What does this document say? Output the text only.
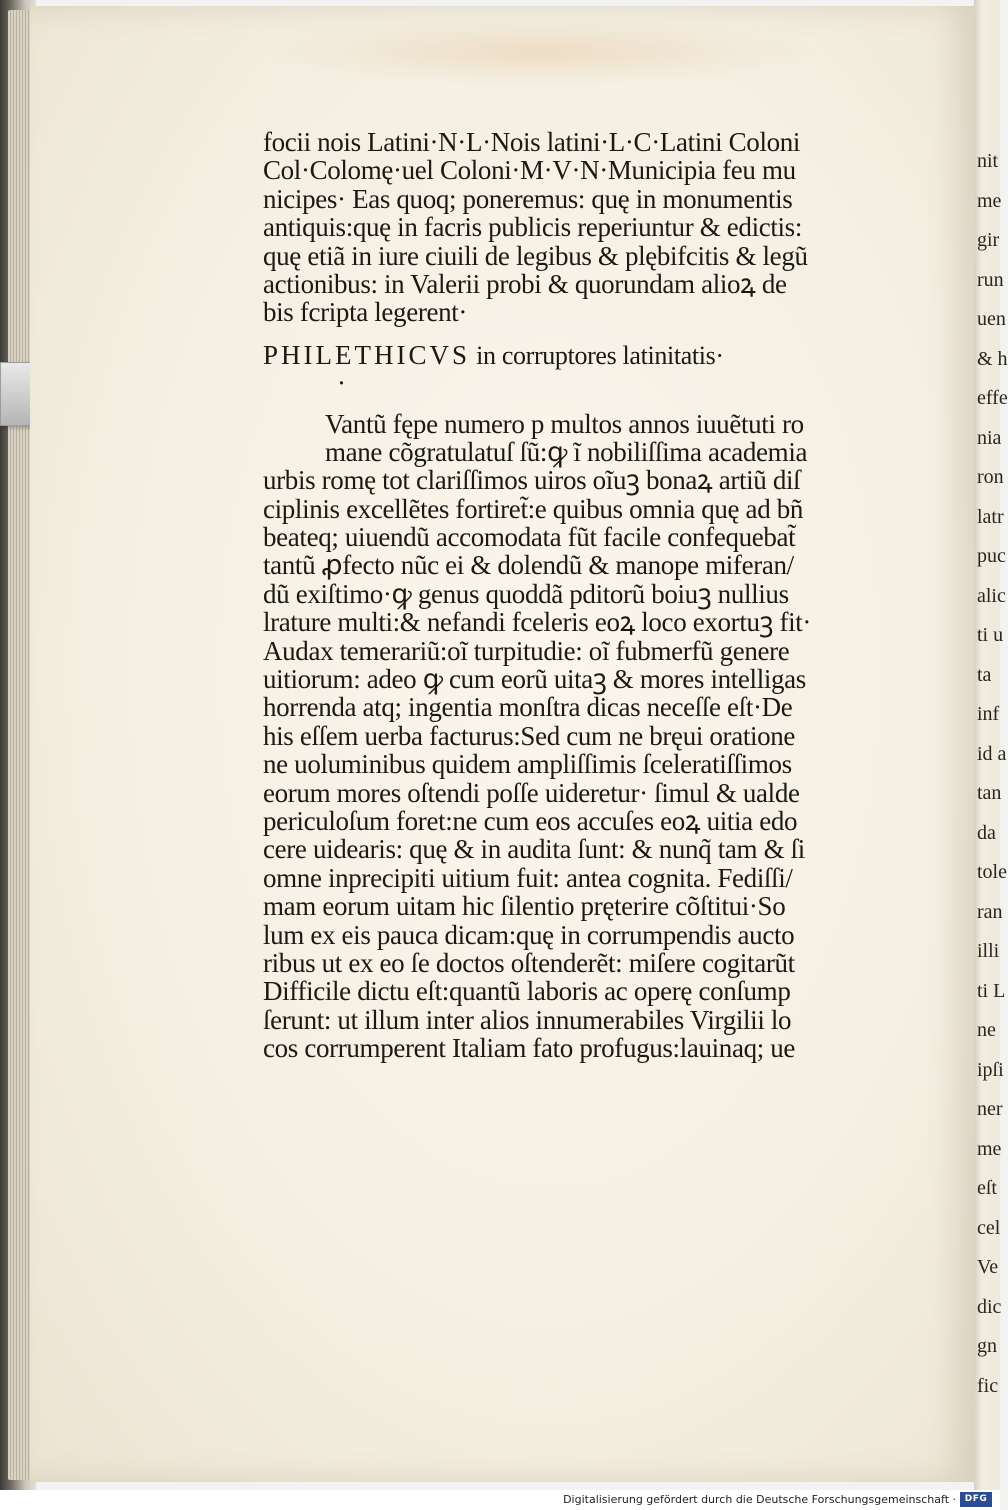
nit
me
gir
run
uen
& h
effe
nia
ron
latr
puc
alic
ti u
ta
inf
id a
tan
da
tole
ran
illi
ti L
ne
ipſi
ner
me
eſt
cel
Ve
dic
gn
fic
focii nois Latini·N·L·Nois latini·L·C·Latini Coloni
Col·Colomę·uel Coloni·M·V·N·Municipia feu mu
nicipes· Eas quoq; poneremus: quę in monumentis
antiquis:quę in facris publicis reperiuntur & edictis:
quę etiã in iure ciuili de legibus & plębifcitis & legũ
actionibus: in Valerii probi & quorundam alioꝝ de
bis fcripta legerent·
PHILETHICVS in corruptores latinitatis·
·
Vantũ fępe numero p multos annos iuuẽtuti ro
mane cõgratulatuſ ſũ:ꝙ ĩ nobiliſſima academia
urbis romę tot clariſſimos uiros oĩuꝫ bonaꝝ artiũ diſ
ciplinis excellẽtes fortiret̃:e quibus omnia quę ad bñ
beateq; uiuendũ accomodata fũt facile confequebat̃
tantũ ꝓfecto nũc ei & dolendũ & manope miferan/
dũ exiſtimo·ꝙ genus quoddã pditorũ boiuꝫ nullius
lrature multi:& nefandi fceleris eoꝝ loco exortuꝫ fit·
Audax temerariũ:oĩ turpitudie: oĩ fubmerfũ genere
uitiorum: adeo ꝙ cum eorũ uitaꝫ & mores intelligas
horrenda atq; ingentia monſtra dicas neceſſe eſt·De
his eſſem uerba facturus:Sed cum ne bręui oratione
ne uoluminibus quidem ampliſſimis ſceleratiſſimos
eorum mores oſtendi poſſe uideretur· ſimul & ualde
periculoſum foret:ne cum eos accuſes eoꝝ uitia edo
cere uidearis: quę & in audita ſunt: & nunq̃ tam & ſi
omne inprecipiti uitium fuit: antea cognita. Fediſſi/
mam eorum uitam hic ſilentio pręterire cõſtitui·So
lum ex eis pauca dicam:quę in corrumpendis aucto
ribus ut ex eo ſe doctos oſtenderẽt: miſere cogitarũt
Difficile dictu eſt:quantũ laboris ac operę conſump
ſerunt: ut illum inter alios innumerabiles Virgilii lo
cos corrumperent Italiam fato profugus:lauinaq; ue
Digitalisierung gefördert durch die Deutsche Forschungsgemeinschaft · DFG
